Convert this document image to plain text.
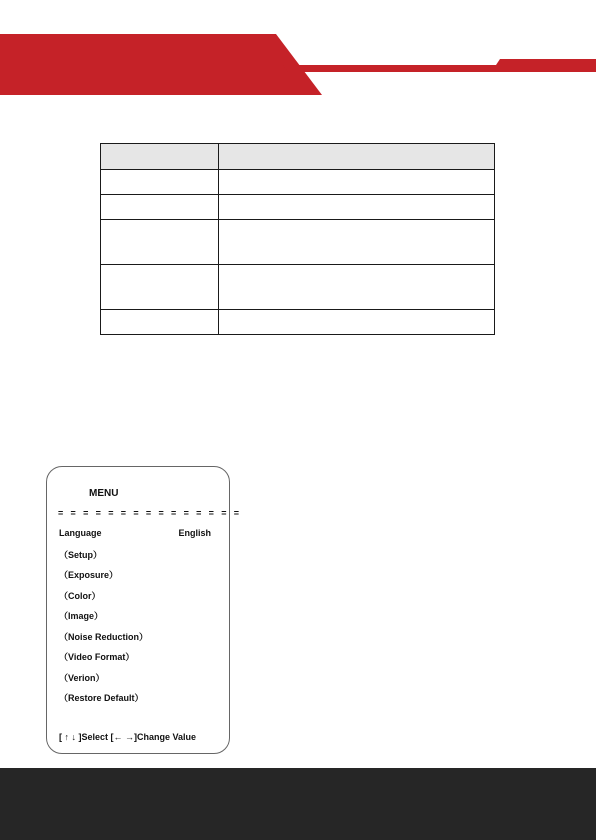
MENU
= = = = = = = = = = = = = = =
Language	English
（Setup）
（Exposure）
（Color）
（Image）
（Noise Reduction）
（Video Format）
（Verion）
（Restore Default）
[ ↑ ↓ ]Select [← →]Change Value
